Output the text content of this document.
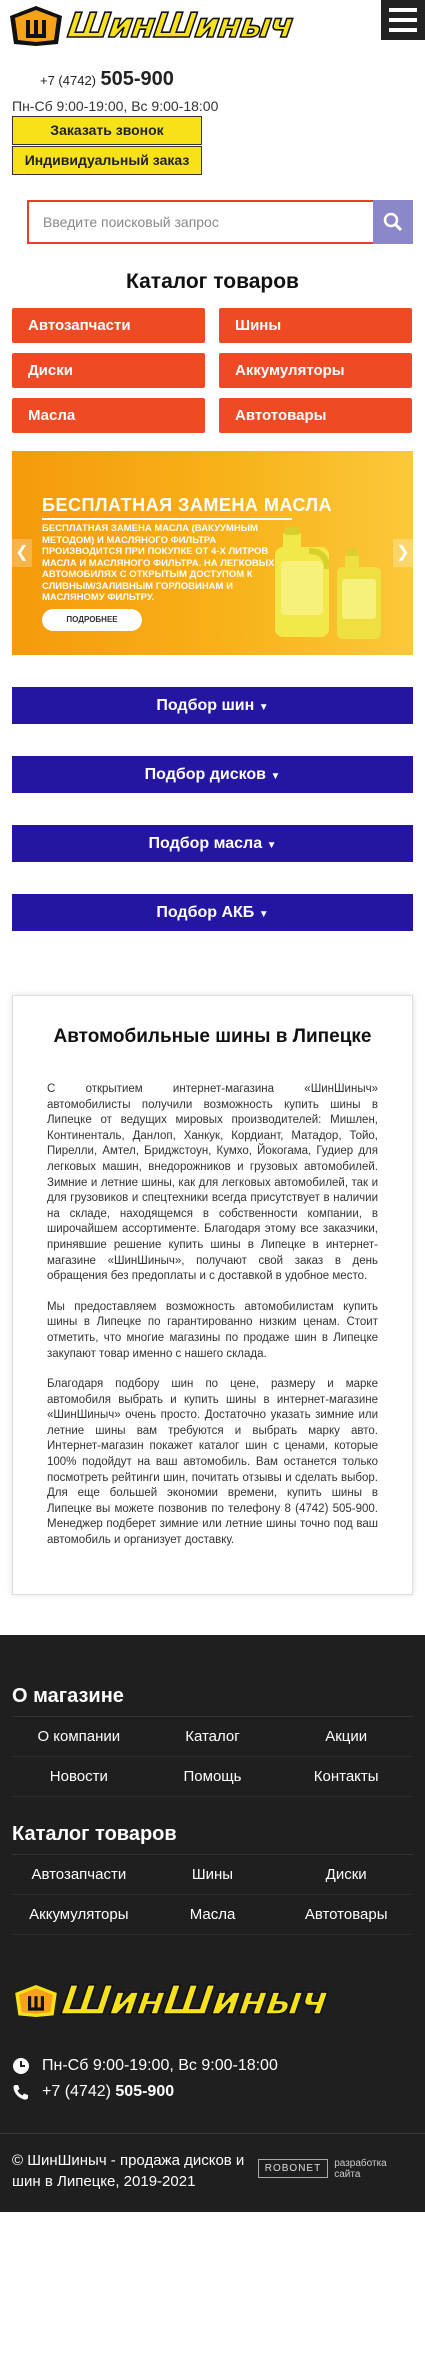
ШинШиныч
+7 (4742) 505-900
Пн-Сб 9:00-19:00, Вс 9:00-18:00
Заказать звонок
Индивидуальный заказ
Введите поисковый запрос
Каталог товаров
Автозапчасти	Шины
Диски	Аккумуляторы
Масла	Автотовары
БЕСПЛАТНАЯ ЗАМЕНА МАСЛА
БЕСПЛАТНАЯ ЗАМЕНА МАСЛА (ВАКУУМНЫМ МЕТОДОМ) И МАСЛЯНОГО ФИЛЬТРА ПРОИЗВОДИТСЯ ПРИ ПОКУПКЕ ОТ 4-Х ЛИТРОВ МАСЛА И МАСЛЯНОГО ФИЛЬТРА. НА ЛЕГКОВЫХ АВТОМОБИЛЯХ С ОТКРЫТЫМ ДОСТУПОМ К СЛИВНЫМ/ЗАЛИВНЫМ ГОРЛОВИНАМ И МАСЛЯНОМУ ФИЛЬТРУ.
ПОДРОБНЕЕ
❮	❯
Подбор шин ▼
Подбор дисков ▼
Подбор масла ▼
Подбор АКБ ▼
Автомобильные шины в Липецке

С открытием интернет-магазина «ШинШиныч» автомобилисты получили возможность купить шины в Липецке от ведущих мировых производителей: Мишлен, Континенталь, Данлоп, Ханкук, Кордиант, Матадор, Тойо, Пирелли, Амтел, Бриджстоун, Кумхо, Йокогама, Гудиер для легковых машин, внедорожников и грузовых автомобилей. Зимние и летние шины, как для легковых автомобилей, так и для грузовиков и спецтехники всегда присутствует в наличии на складе, находящемся в собственности компании, в широчайшем ассортименте. Благодаря этому все заказчики, принявшие решение купить шины в Липецке в интернет-магазине «ШинШиныч», получают свой заказ в день обращения без предоплаты и с доставкой в удобное место.

Мы предоставляем возможность автомобилистам купить шины в Липецке по гарантированно низким ценам. Стоит отметить, что многие магазины по продаже шин в Липецке закупают товар именно с нашего склада.

Благодаря подбору шин по цене, размеру и марке автомобиля выбрать и купить шины в интернет-магазине «ШинШиныч» очень просто. Достаточно указать зимние или летние шины вам требуются и выбрать марку авто. Интернет-магазин покажет каталог шин с ценами, которые 100% подойдут на ваш автомобиль. Вам останется только посмотреть рейтинги шин, почитать отзывы и сделать выбор. Для еще большей экономии времени, купить шины в Липецке вы можете позвонив по телефону 8 (4742) 505-900. Менеджер подберет зимние или летние шины точно под ваш автомобиль и организует доставку.

О магазине
О компании	Каталог	Акции
Новости	Помощь	Контакты
Каталог товаров
Автозапчасти	Шины	Диски
Аккумуляторы	Масла	Автотовары
ШинШиныч
Пн-Сб 9:00-19:00, Вс 9:00-18:00
+7 (4742)
505-900
© ШинШиныч - продажа дисков и шин в Липецке, 2019-2021
ROBONET	разработка сайта
